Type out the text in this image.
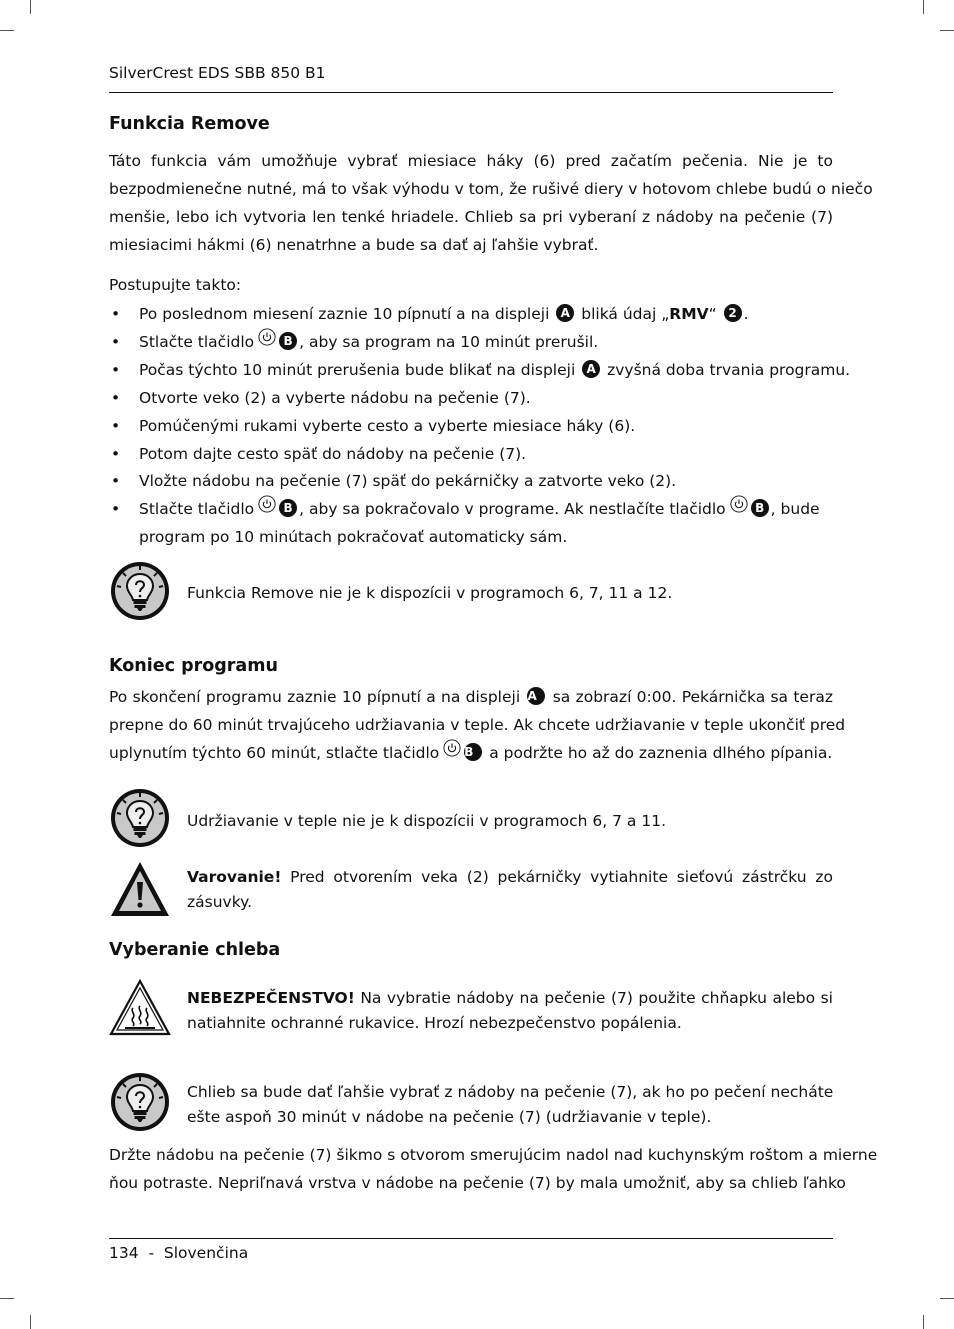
SilverCrest EDS SBB 850 B1
Funkcia Remove
Táto funkcia vám umožňuje vybrať miesiace háky (6) pred začatím pečenia. Nie je to
bezpodmienečne nutné, má to však výhodu v tom, že rušivé diery v hotovom chlebe budú o niečo
menšie, lebo ich vytvoria len tenké hriadele. Chlieb sa pri vyberaní z nádoby na pečenie (7)
miesiacimi hákmi (6) nenatrhne a bude sa dať aj ľahšie vybrať.
Postupujte takto:
• Po poslednom miesení zaznie 10 pípnutí a na displeji A bliká údaj „RMV“ 2 .
• Stlačte tlačidlo B , aby sa program na 10 minút prerušil.
• Počas týchto 10 minút prerušenia bude blikať na displeji A zvyšná doba trvania programu.
• Otvorte veko (2) a vyberte nádobu na pečenie (7).
• Pomúčenými rukami vyberte cesto a vyberte miesiace háky (6).
• Potom dajte cesto späť do nádoby na pečenie (7).
• Vložte nádobu na pečenie (7) späť do pekárničky a zatvorte veko (2).
• Stlačte tlačidlo B , aby sa pokračovalo v programe. Ak nestlačíte tlačidlo B , bude
program po 10 minútach pokračovať automaticky sám.
Funkcia Remove nie je k dispozícii v programoch 6, 7, 11 a 12.
Koniec programu
Po skončení programu zaznie 10 pípnutí a na displeji A sa zobrazí 0:00. Pekárnička sa teraz
prepne do 60 minút trvajúceho udržiavania v teple. Ak chcete udržiavanie v teple ukončiť pred
uplynutím týchto 60 minút, stlačte tlačidlo B a podržte ho až do zaznenia dlhého pípania.
Udržiavanie v teple nie je k dispozícii v programoch 6, 7 a 11.
Varovanie! Pred otvorením veka (2) pekárničky vytiahnite sieťovú zástrčku zo
zásuvky.
Vyberanie chleba
NEBEZPEČENSTVO! Na vybratie nádoby na pečenie (7) použite chňapku alebo si
natiahnite ochranné rukavice. Hrozí nebezpečenstvo popálenia.
Chlieb sa bude dať ľahšie vybrať z nádoby na pečenie (7), ak ho po pečení necháte
ešte aspoň 30 minút v nádobe na pečenie (7) (udržiavanie v teple).
Držte nádobu na pečenie (7) šikmo s otvorom smerujúcim nadol nad kuchynským roštom a mierne
ňou potraste. Nepriľnavá vrstva v nádobe na pečenie (7) by mala umožniť, aby sa chlieb ľahko
134  -  Slovenčina
